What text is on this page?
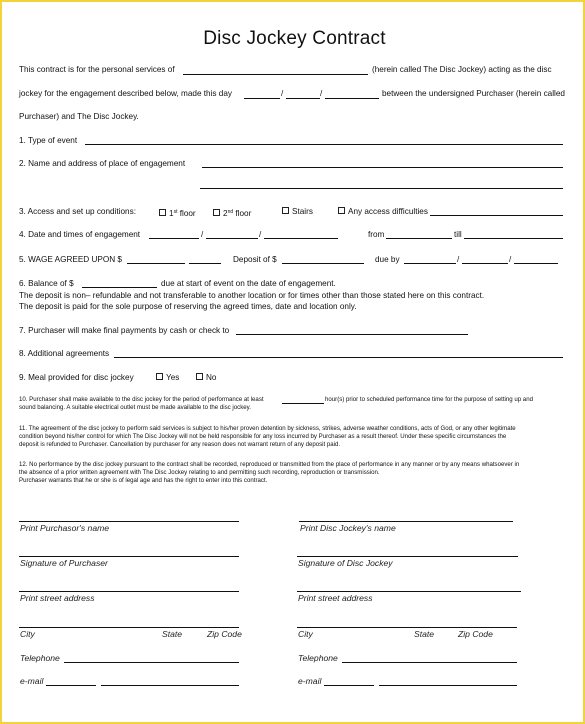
Disc Jockey Contract
This contract is for the personal services of	(herein called The Disc Jockey) acting as the disc
jockey for the engagement described below, made this day	/	/	between the undersigned Purchaser (herein called
Purchaser) and The Disc Jockey.
1. Type of event
2. Name and address of place of engagement
3. Access and set up conditions:	1st floor	2nd floor	Stairs	Any access difficulties
4. Date and times of engagement	/	/	from	till
5. WAGE AGREED UPON $	Deposit of $	due by	/	/
6. Balance of $	due at start of event on the date of engagement.
The deposit is non– refundable and not transferable to another location or for times other than those stated here on this contract.
The deposit is paid for the sole purpose of reserving the agreed times, date and location only.
7. Purchaser will make final payments by cash or check to
8. Additional agreements
9. Meal provided for disc jockey	Yes	No
10. Purchaser shall make available to the disc jockey for the period of performance at least	hour(s) prior to scheduled performance time for the purpose of setting up and
sound balancing. A suitable electrical outlet must be made available to the disc jockey.
11. The agreement of the disc jockey to perform said services is subject to his/her proven detention by sickness, strikes, adverse weather conditions, acts of God, or any other legitimate
condition beyond his/her control for which The Disc Jockey will not be held responsible for any loss incurred by Purchaser as a result thereof. Under these specific circumstances the
deposit is refunded to Purchaser. Cancellation by purchaser for any reason does not warrant return of any deposit paid.
12. No performance by the disc jockey pursuant to the contract shall be recorded, reproduced or transmitted from the place of performance in any manner or by any means whatsoever in
the absence of a prior written agreement with The Disc Jockey relating to and permitting such recording, reproduction or transmission.
Purchaser warrants that he or she is of legal age and has the right to enter into this contract.
Print Purchasor's name
Signature of Purchaser
Print street address
City	State	Zip Code
Telephone
e-mail
Print Disc Jockey's name
Signature of Disc Jockey
Print street address
City	State	Zip Code
Telephone
e-mail
